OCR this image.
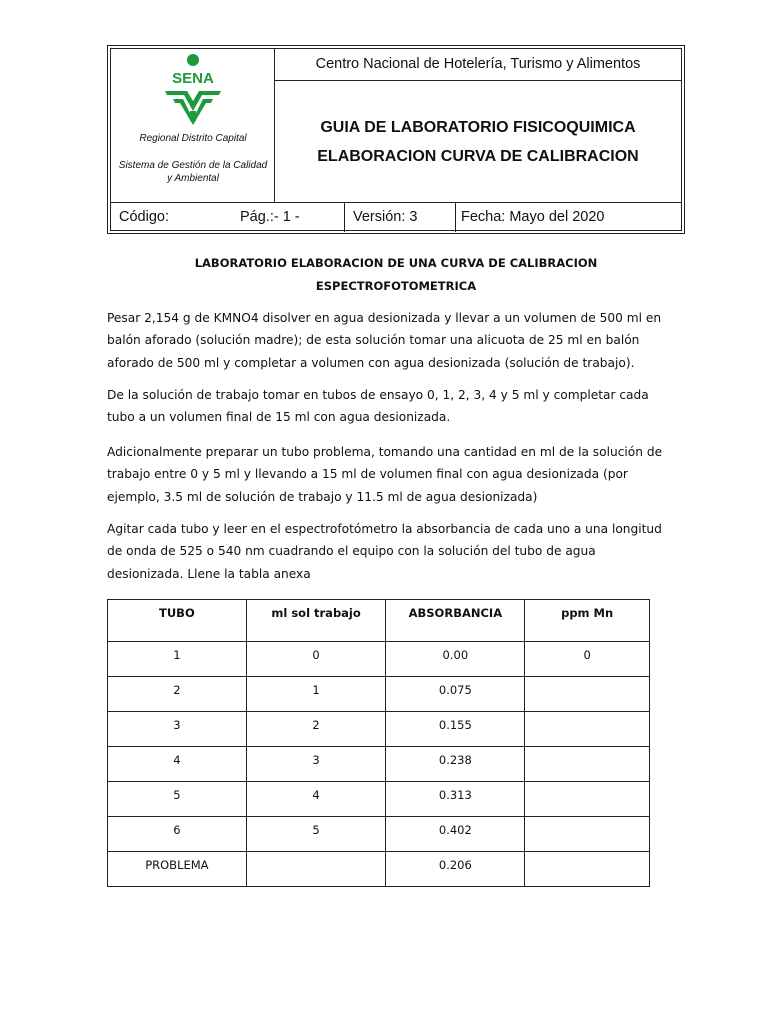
SENA
Regional Distrito Capital
Sistema de Gestión de la Calidad y Ambiental
Centro Nacional de Hotelería, Turismo y Alimentos
GUIA DE LABORATORIO FISICOQUIMICA
ELABORACION CURVA DE CALIBRACION
Código:	Pág.:- 1 -	Versión: 3	Fecha: Mayo del 2020
LABORATORIO ELABORACION DE UNA CURVA DE CALIBRACION
ESPECTROFOTOMETRICA

Pesar 2,154 g de KMNO4 disolver en agua desionizada y llevar a un volumen de 500 ml en balón aforado (solución madre); de esta solución tomar una alicuota de 25 ml en balón aforado de 500 ml y completar a volumen con agua desionizada (solución de trabajo).

De la solución de trabajo tomar en tubos de ensayo 0, 1, 2, 3, 4 y 5 ml y completar cada tubo a un volumen final de 15 ml con agua desionizada.

Adicionalmente preparar un tubo problema, tomando una cantidad en ml de la solución de trabajo entre 0 y 5 ml y llevando a 15 ml de volumen final con agua desionizada (por ejemplo, 3.5 ml de solución de trabajo y 11.5 ml de agua desionizada)

Agitar cada tubo y leer en el espectrofotómetro la absorbancia de cada uno a una longitud de onda de 525 o 540 nm cuadrando el equipo con la solución del tubo de agua desionizada. Llene la tabla anexa

TUBO	ml sol trabajo	ABSORBANCIA	ppm Mn
1	0	0.00	0
2	1	0.075	
3	2	0.155	
4	3	0.238	
5	4	0.313	
6	5	0.402	
PROBLEMA		0.206	
